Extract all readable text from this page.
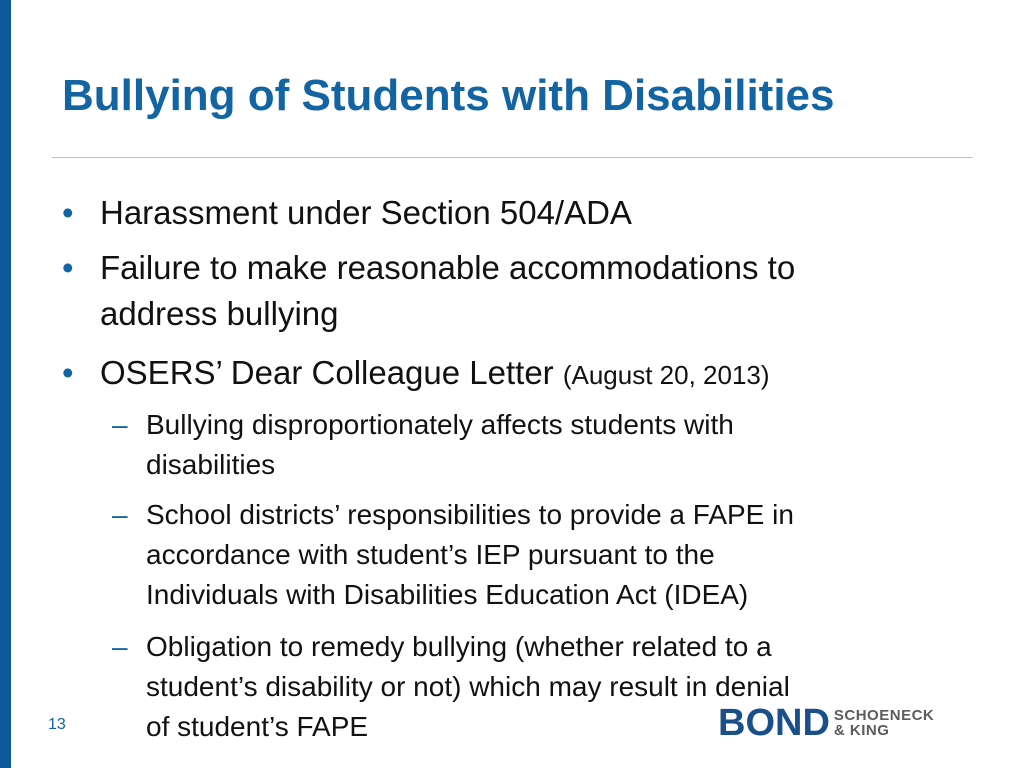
Bullying of Students with Disabilities
• Harassment under Section 504/ADA
• Failure to make reasonable accommodations to
address bullying
• OSERS’ Dear Colleague Letter (August 20, 2013)
– Bullying disproportionately affects students with
disabilities
– School districts’ responsibilities to provide a FAPE in
accordance with student’s IEP pursuant to the
Individuals with Disabilities Education Act (IDEA)
– Obligation to remedy bullying (whether related to a
student’s disability or not) which may result in denial
of student’s FAPE
13	BOND SCHOENECK
& KING
